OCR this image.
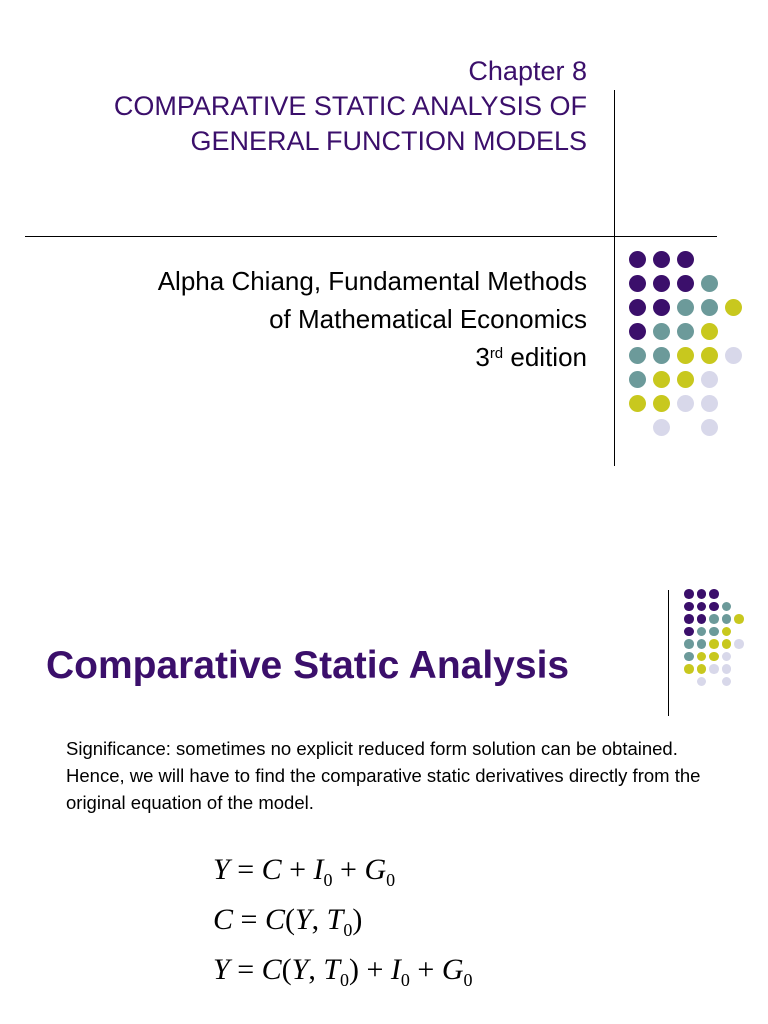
Chapter 8
COMPARATIVE STATIC ANALYSIS OF
GENERAL FUNCTION MODELS
Alpha Chiang, Fundamental Methods
of Mathematical Economics
3rd edition
Comparative Static Analysis
Significance: sometimes no explicit reduced form solution can be obtained. Hence, we will have to find the comparative static derivatives directly from the original equation of the model.
$Y = C + I_0 + G_0$
C = C(Y, $T_0$)
Y = C(Y, $T_0) + I_0 + G_0$
